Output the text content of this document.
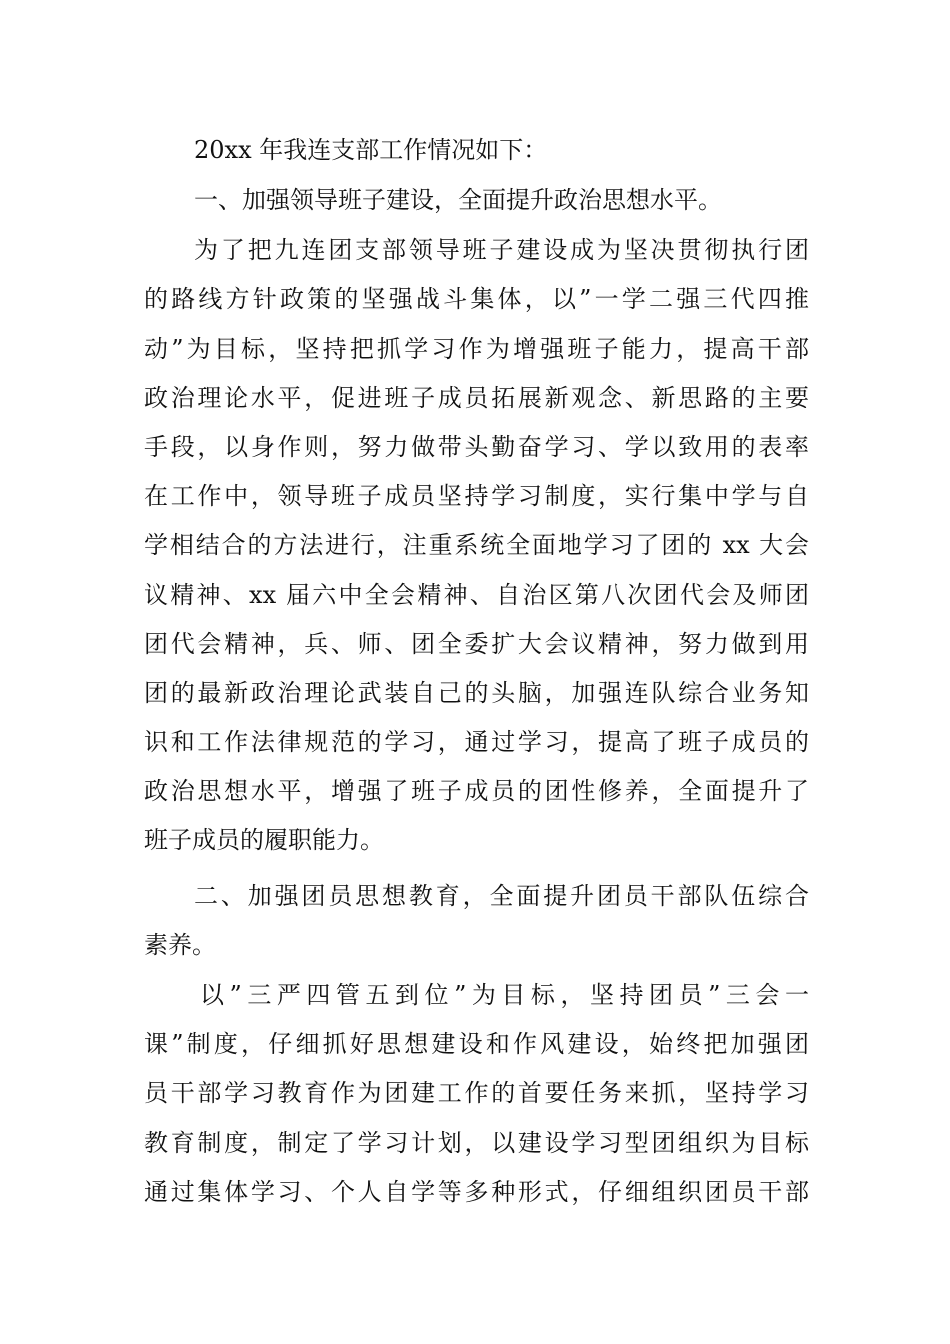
20xx 年我连支部工作情况如下：
一、加强领导班子建设，全面提升政治思想水平。
为了把九连团支部领导班子建设成为坚决贯彻执行团
的路线方针政策的坚强战斗集体，以”一学二强三代四推
动”为目标，坚持把抓学习作为增强班子能力，提高干部
政治理论水平，促进班子成员拓展新观念、新思路的主要
手段，以身作则，努力做带头勤奋学习、学以致用的表率
在工作中，领导班子成员坚持学习制度，实行集中学与自
学相结合的方法进行，注重系统全面地学习了团的 xx 大会
议精神、xx 届六中全会精神、自治区第八次团代会及师团
团代会精神，兵、师、团全委扩大会议精神，努力做到用
团的最新政治理论武装自己的头脑，加强连队综合业务知
识和工作法律规范的学习，通过学习，提高了班子成员的
政治思想水平，增强了班子成员的团性修养，全面提升了
班子成员的履职能力。
二、加强团员思想教育，全面提升团员干部队伍综合
素养。
以”三严四管五到位”为目标，坚持团员”三会一
课”制度，仔细抓好思想建设和作风建设，始终把加强团
员干部学习教育作为团建工作的首要任务来抓，坚持学习
教育制度，制定了学习计划，以建设学习型团组织为目标
通过集体学习、个人自学等多种形式，仔细组织团员干部
